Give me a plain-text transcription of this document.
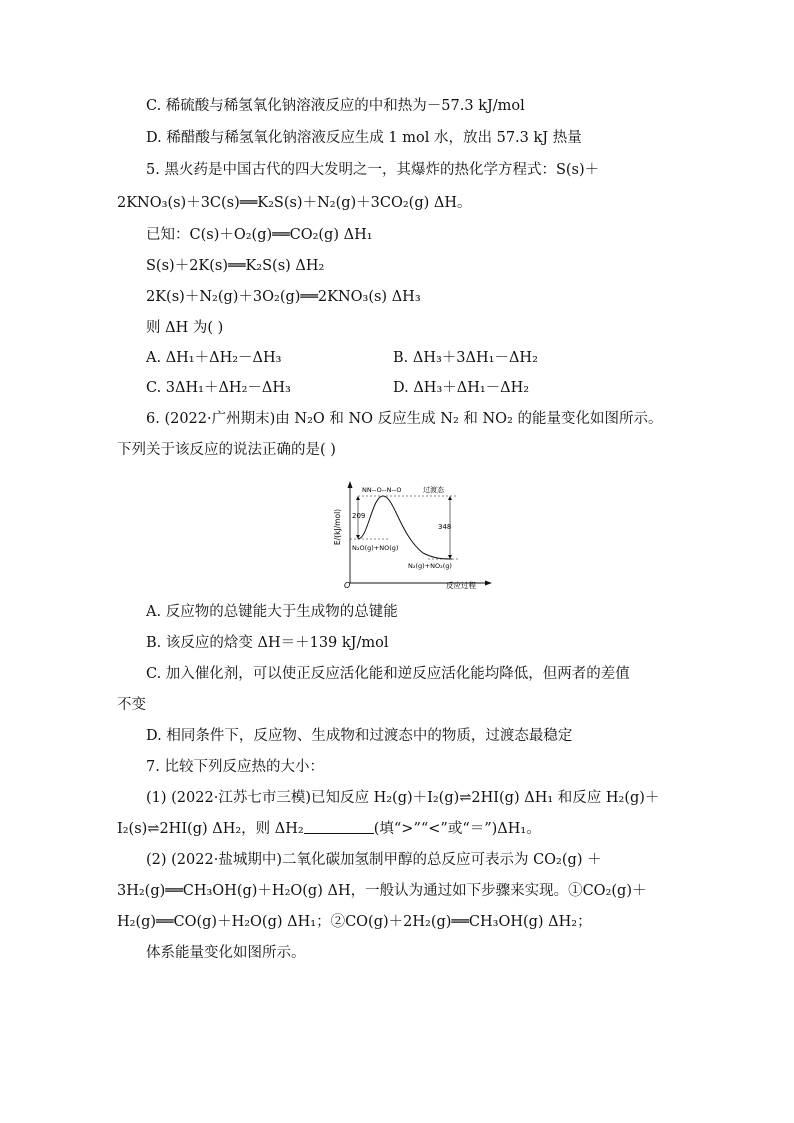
C. 稀硫酸与稀氢氧化钠溶液反应的中和热为－57.3 kJ/mol
D. 稀醋酸与稀氢氧化钠溶液反应生成 1 mol 水，放出 57.3 kJ 热量
5. 黑火药是中国古代的四大发明之一，其爆炸的热化学方程式：S(s)＋
2KNO₃(s)＋3C(s)══K₂S(s)＋N₂(g)＋3CO₂(g) ΔH。
已知：C(s)＋O₂(g)══CO₂(g) ΔH₁
S(s)＋2K(s)══K₂S(s) ΔH₂
2K(s)＋N₂(g)＋3O₂(g)══2KNO₃(s) ΔH₃
则 ΔH 为( )
A. ΔH₁＋ΔH₂－ΔH₃	B. ΔH₃＋3ΔH₁－ΔH₂
C. 3ΔH₁＋ΔH₂－ΔH₃	D. ΔH₃＋ΔH₁－ΔH₂
6. (2022·广州期末)由 N₂O 和 NO 反应生成 N₂ 和 NO₂ 的能量变化如图所示。
下列关于该反应的说法正确的是( )
O
E/(kJ/mol)
反应过程
209
348
NN--O--N--O	过渡态
N₂O(g)+NO(g)
N₂(g)+NO₂(g)
A. 反应物的总键能大于生成物的总键能
B. 该反应的焓变 ΔH＝＋139 kJ/mol
C. 加入催化剂，可以使正反应活化能和逆反应活化能均降低，但两者的差值
不变
D. 相同条件下，反应物、生成物和过渡态中的物质，过渡态最稳定
7. 比较下列反应热的大小：
(1) (2022·江苏七市三模)已知反应 H₂(g)＋I₂(g)⇌2HI(g) ΔH₁ 和反应 H₂(g)＋
I₂(s)⇌2HI(g) ΔH₂，则 ΔH₂	(填“>”“<”或“＝”)ΔH₁。
(2) (2022·盐城期中)二氧化碳加氢制甲醇的总反应可表示为 CO₂(g) ＋
3H₂(g)══CH₃OH(g)＋H₂O(g) ΔH，一般认为通过如下步骤来实现。①CO₂(g)＋
H₂(g)══CO(g)＋H₂O(g) ΔH₁；②CO(g)＋2H₂(g)══CH₃OH(g) ΔH₂；
体系能量变化如图所示。
